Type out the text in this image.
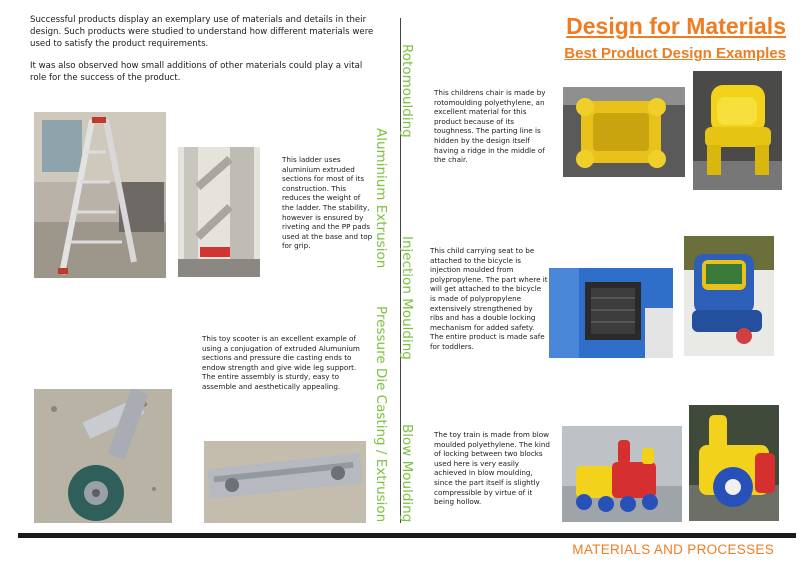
Successful products display an exemplary use of materials and details in their design. Such products were studied to understand how different materials were used to satisfy the product requirements.

It was also observed how small additions of other materials could play a vital role for the success of the product.

Design for Materials
Best Product Design Examples
Rotomoulding
Aluminium Extrusion
Injection Moulding
Pressure Die Casting / Extrusion Blow Moulding
This ladder uses aluminium extruded sections for most of its construction. This reduces the weight of the ladder. The stability, however is ensured by riveting and the PP pads used at the base and top for grip.
This toy scooter is an excellent example of using a conjugation of extruded Alumunium sections and pressure die casting ends to endow strength and give wide leg support. The entire assembly is sturdy, easy to assemble and aesthetically appealing.
This childrens chair is made by rotomoulding polyethylene, an excellent material for this product because of its toughness. The parting line is hidden by the design itself having a ridge in the middle of the chair.
This child carrying seat to be attached to the bicycle is injection moulded from polypropylene. The part where it will get attached to the bicycle is made of polypropylene extensively strengthened by ribs and has a double locking mechanism for added safety. The entire product is made safe for toddlers.
The toy train is made from blow moulded polyethylene. The kind of locking between two blocks used here is very easily achieved in blow moulding, since the part itself is slightly compressible by virtue of it being hollow.
MATERIALS AND PROCESSES
